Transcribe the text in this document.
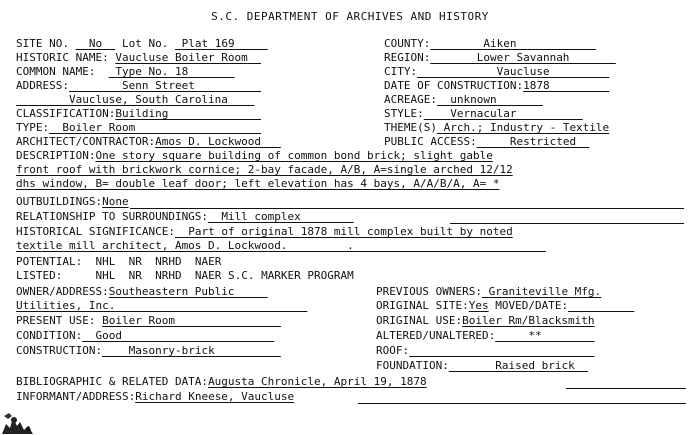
S.C. DEPARTMENT OF ARCHIVES AND HISTORY
SITE NO. No Lot No. Plat 169	COUNTY:	Aiken
HISTORIC NAME: Vaucluse Boiler Room	REGION:	Lower Savannah
COMMON NAME: Type No. 18	CITY:	Vaucluse
ADDRESS:	Senn Street	DATE OF CONSTRUCTION:1878
Vaucluse, South Carolina	ACREAGE: unknown
CLASSIFICATION:Building	STYLE: Vernacular
TYPE: Boiler Room	THEME(S) Arch.; Industry - Textile
ARCHITECT/CONTRACTOR:Amos D. Lockwood	PUBLIC ACCESS:	Restricted
DESCRIPTION:One story square building of common bond brick; slight gable
front roof with brickwork cornice; 2-bay facade, A/B, A=single arched 12/12
dhs window, B= double leaf door; left elevation has 4 bays, A/A/B/A, A= *
OUTBUILDINGS:None
RELATIONSHIP TO SURROUNDINGS: Mill complex
HISTORICAL SIGNIFICANCE: Part of original 1878 mill complex built by noted
textile mill architect, Amos D. Lockwood.	.
POTENTIAL: NHL  NR  NRHD  NAER
LISTED:	NHL  NR  NRHD  NAER S.C. MARKER PROGRAM
OWNER/ADDRESS:Southeastern Public	PREVIOUS OWNERS: Graniteville Mfg.
Utilities, Inc.	ORIGINAL SITE:Yes MOVED/DATE:
PRESENT USE: Boiler Room	ORIGINAL USE:Boiler Rm/Blacksmith
CONDITION: Good	ALTERED/UNALTERED:	**
CONSTRUCTION: Masonry-brick	ROOF:
FOUNDATION:	Raised brick
BIBLIOGRAPHIC & RELATED DATA:Augusta Chronicle, April 19, 1878
INFORMANT/ADDRESS:Richard Kneese, Vaucluse
